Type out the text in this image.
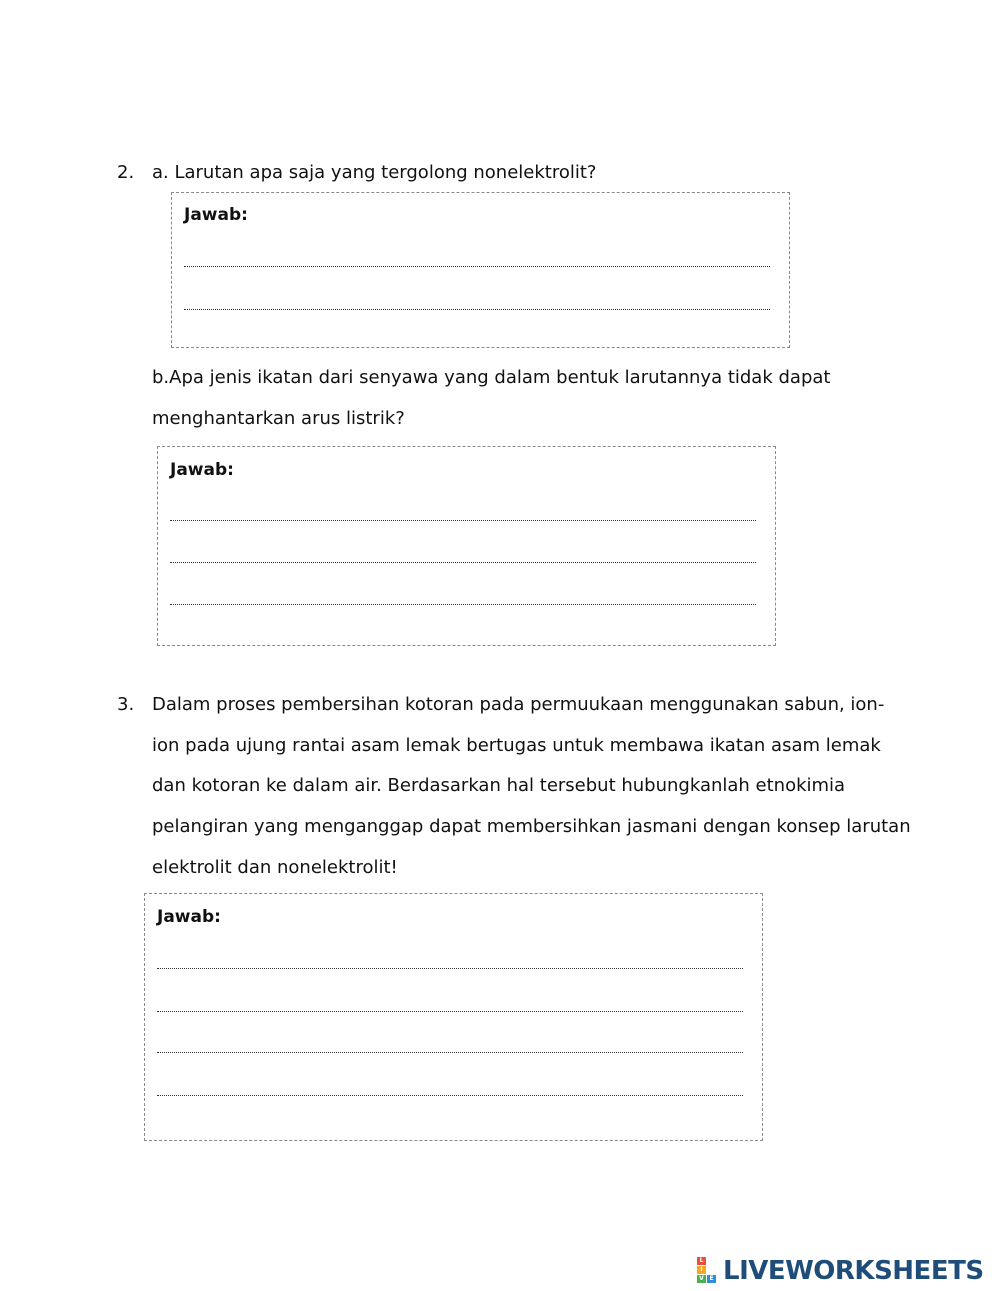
2. a. Larutan apa saja yang tergolong nonelektrolit?
Jawab:
b.Apa jenis ikatan dari senyawa yang dalam bentuk larutannya tidak dapat
menghantarkan arus listrik?
Jawab:
3. Dalam proses pembersihan kotoran pada permuukaan menggunakan sabun, ion-
ion pada ujung rantai asam lemak bertugas untuk membawa ikatan asam lemak
dan kotoran ke dalam air. Berdasarkan hal tersebut hubungkanlah etnokimia
pelangiran yang menganggap dapat membersihkan jasmani dengan konsep larutan
elektrolit dan nonelektrolit!
Jawab:
L
I
V E LIVEWORKSHEETS
